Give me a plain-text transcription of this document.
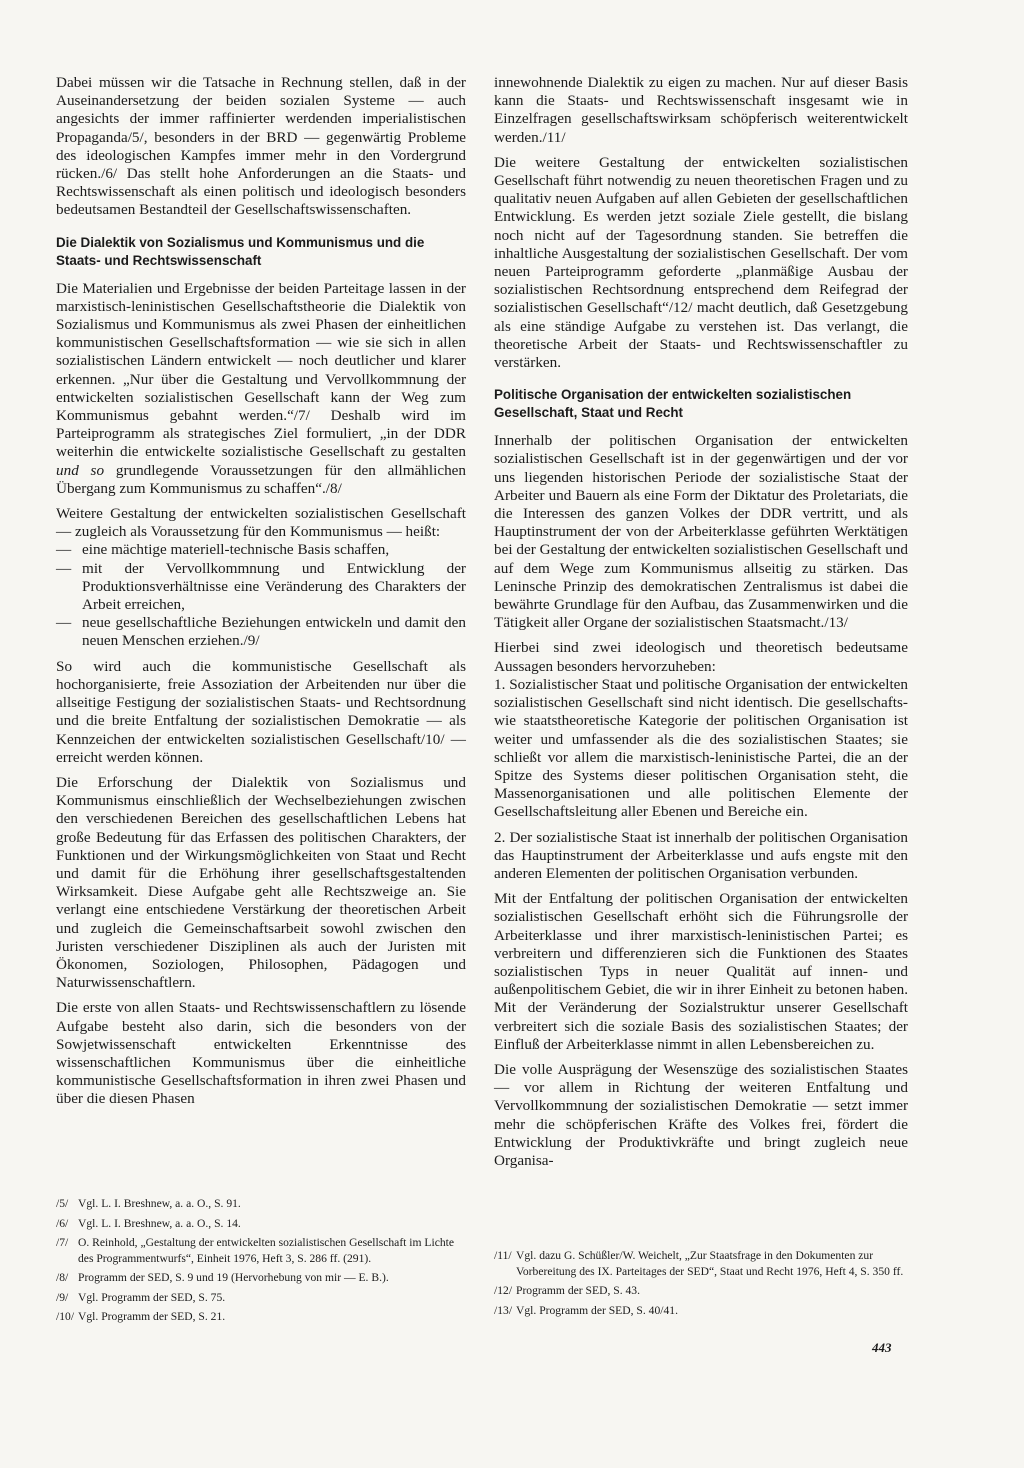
Dabei müssen wir die Tatsache in Rechnung stellen, daß in der Auseinandersetzung der beiden sozialen Systeme — auch angesichts der immer raffinierter werdenden imperialistischen Propaganda/5/, besonders in der BRD — gegenwärtig Probleme des ideologischen Kampfes immer mehr in den Vordergrund rücken./6/ Das stellt hohe Anforderungen an die Staats- und Rechtswissenschaft als einen politisch und ideologisch besonders bedeutsamen Bestandteil der Gesellschaftswissenschaften.

Die Dialektik von Sozialismus und Kommunismus und die Staats- und Rechtswissenschaft

Die Materialien und Ergebnisse der beiden Parteitage lassen in der marxistisch-leninistischen Gesellschaftstheorie die Dialektik von Sozialismus und Kommunismus als zwei Phasen der einheitlichen kommunistischen Gesellschaftsformation — wie sie sich in allen sozialistischen Ländern entwickelt — noch deutlicher und klarer erkennen. „Nur über die Gestaltung und Vervollkommnung der entwickelten sozialistischen Gesellschaft kann der Weg zum Kommunismus gebahnt werden.“/7/ Deshalb wird im Parteiprogramm als strategisches Ziel formuliert, „in der DDR weiterhin die entwickelte sozialistische Gesellschaft zu gestalten und so grundlegende Voraussetzungen für den allmählichen Übergang zum Kommunismus zu schaffen“./8/

Weitere Gestaltung der entwickelten sozialistischen Gesellschaft — zugleich als Voraussetzung für den Kommunismus — heißt:

— eine mächtige materiell-technische Basis schaffen,
— mit der Vervollkommnung und Entwicklung der Produktionsverhältnisse eine Veränderung des Charakters der Arbeit erreichen,
— neue gesellschaftliche Beziehungen entwickeln und damit den neuen Menschen erziehen./9/

So wird auch die kommunistische Gesellschaft als hochorganisierte, freie Assoziation der Arbeitenden nur über die allseitige Festigung der sozialistischen Staats- und Rechtsordnung und die breite Entfaltung der sozialistischen Demokratie — als Kennzeichen der entwickelten sozialistischen Gesellschaft/10/ — erreicht werden können.

Die Erforschung der Dialektik von Sozialismus und Kommunismus einschließlich der Wechselbeziehungen zwischen den verschiedenen Bereichen des gesellschaftlichen Lebens hat große Bedeutung für das Erfassen des politischen Charakters, der Funktionen und der Wirkungsmöglichkeiten von Staat und Recht und damit für die Erhöhung ihrer gesellschaftsgestaltenden Wirksamkeit. Diese Aufgabe geht alle Rechtszweige an. Sie verlangt eine entschiedene Verstärkung der theoretischen Arbeit und zugleich die Gemeinschaftsarbeit sowohl zwischen den Juristen verschiedener Disziplinen als auch der Juristen mit Ökonomen, Soziologen, Philosophen, Pädagogen und Naturwissenschaftlern.

Die erste von allen Staats- und Rechtswissenschaftlern zu lösende Aufgabe besteht also darin, sich die besonders von der Sowjetwissenschaft entwickelten Erkenntnisse des wissenschaftlichen Kommunismus über die einheitliche kommunistische Gesellschaftsformation in ihren zwei Phasen und über die diesen Phasen

innewohnende Dialektik zu eigen zu machen. Nur auf dieser Basis kann die Staats- und Rechtswissenschaft insgesamt wie in Einzelfragen gesellschaftswirksam schöpferisch weiterentwickelt werden./11/

Die weitere Gestaltung der entwickelten sozialistischen Gesellschaft führt notwendig zu neuen theoretischen Fragen und zu qualitativ neuen Aufgaben auf allen Gebieten der gesellschaftlichen Entwicklung. Es werden jetzt soziale Ziele gestellt, die bislang noch nicht auf der Tagesordnung standen. Sie betreffen die inhaltliche Ausgestaltung der sozialistischen Gesellschaft. Der vom neuen Parteiprogramm geforderte „planmäßige Ausbau der sozialistischen Rechtsordnung entsprechend dem Reifegrad der sozialistischen Gesellschaft“/12/ macht deutlich, daß Gesetzgebung als eine ständige Aufgabe zu verstehen ist. Das verlangt, die theoretische Arbeit der Staats- und Rechtswissenschaftler zu verstärken.

Politische Organisation der entwickelten sozialistischen Gesellschaft, Staat und Recht

Innerhalb der politischen Organisation der entwickelten sozialistischen Gesellschaft ist in der gegenwärtigen und der vor uns liegenden historischen Periode der sozialistische Staat der Arbeiter und Bauern als eine Form der Diktatur des Proletariats, die die Interessen des ganzen Volkes der DDR vertritt, und als Hauptinstrument der von der Arbeiterklasse geführten Werktätigen bei der Gestaltung der entwickelten sozialistischen Gesellschaft und auf dem Wege zum Kommunismus allseitig zu stärken. Das Leninsche Prinzip des demokratischen Zentralismus ist dabei die bewährte Grundlage für den Aufbau, das Zusammenwirken und die Tätigkeit aller Organe der sozialistischen Staatsmacht./13/

Hierbei sind zwei ideologisch und theoretisch bedeutsame Aussagen besonders hervorzuheben:

1. Sozialistischer Staat und politische Organisation der entwickelten sozialistischen Gesellschaft sind nicht identisch. Die gesellschafts- wie staatstheoretische Kategorie der politischen Organisation ist weiter und umfassender als die des sozialistischen Staates; sie schließt vor allem die marxistisch-leninistische Partei, die an der Spitze des Systems dieser politischen Organisation steht, die Massenorganisationen und alle politischen Elemente der Gesellschaftsleitung aller Ebenen und Bereiche ein.

2. Der sozialistische Staat ist innerhalb der politischen Organisation das Hauptinstrument der Arbeiterklasse und aufs engste mit den anderen Elementen der politischen Organisation verbunden.

Mit der Entfaltung der politischen Organisation der entwickelten sozialistischen Gesellschaft erhöht sich die Führungsrolle der Arbeiterklasse und ihrer marxistisch-leninistischen Partei; es verbreitern und differenzieren sich die Funktionen des Staates sozialistischen Typs in neuer Qualität auf innen- und außenpolitischem Gebiet, die wir in ihrer Einheit zu betonen haben. Mit der Veränderung der Sozialstruktur unserer Gesellschaft verbreitert sich die soziale Basis des sozialistischen Staates; der Einfluß der Arbeiterklasse nimmt in allen Lebensbereichen zu.

Die volle Ausprägung der Wesenszüge des sozialistischen Staates — vor allem in Richtung der weiteren Entfaltung und Vervollkommnung der sozialistischen Demokratie — setzt immer mehr die schöpferischen Kräfte des Volkes frei, fördert die Entwicklung der Produktivkräfte und bringt zugleich neue Organisa-

/5/ Vgl. L. I. Breshnew, a. a. O., S. 91.
/6/ Vgl. L. I. Breshnew, a. a. O., S. 14.
/7/ O. Reinhold, „Gestaltung der entwickelten sozialistischen Gesellschaft im Lichte des Programmentwurfs“, Einheit 1976, Heft 3, S. 286 ff. (291).
/8/ Programm der SED, S. 9 und 19 (Hervorhebung von mir — E. B.).
/9/ Vgl. Programm der SED, S. 75.
/10/ Vgl. Programm der SED, S. 21.
/11/ Vgl. dazu G. Schüßler/W. Weichelt, „Zur Staatsfrage in den Dokumenten zur Vorbereitung des IX. Parteitages der SED“, Staat und Recht 1976, Heft 4, S. 350 ff.
/12/ Programm der SED, S. 43.
/13/ Vgl. Programm der SED, S. 40/41.
443
